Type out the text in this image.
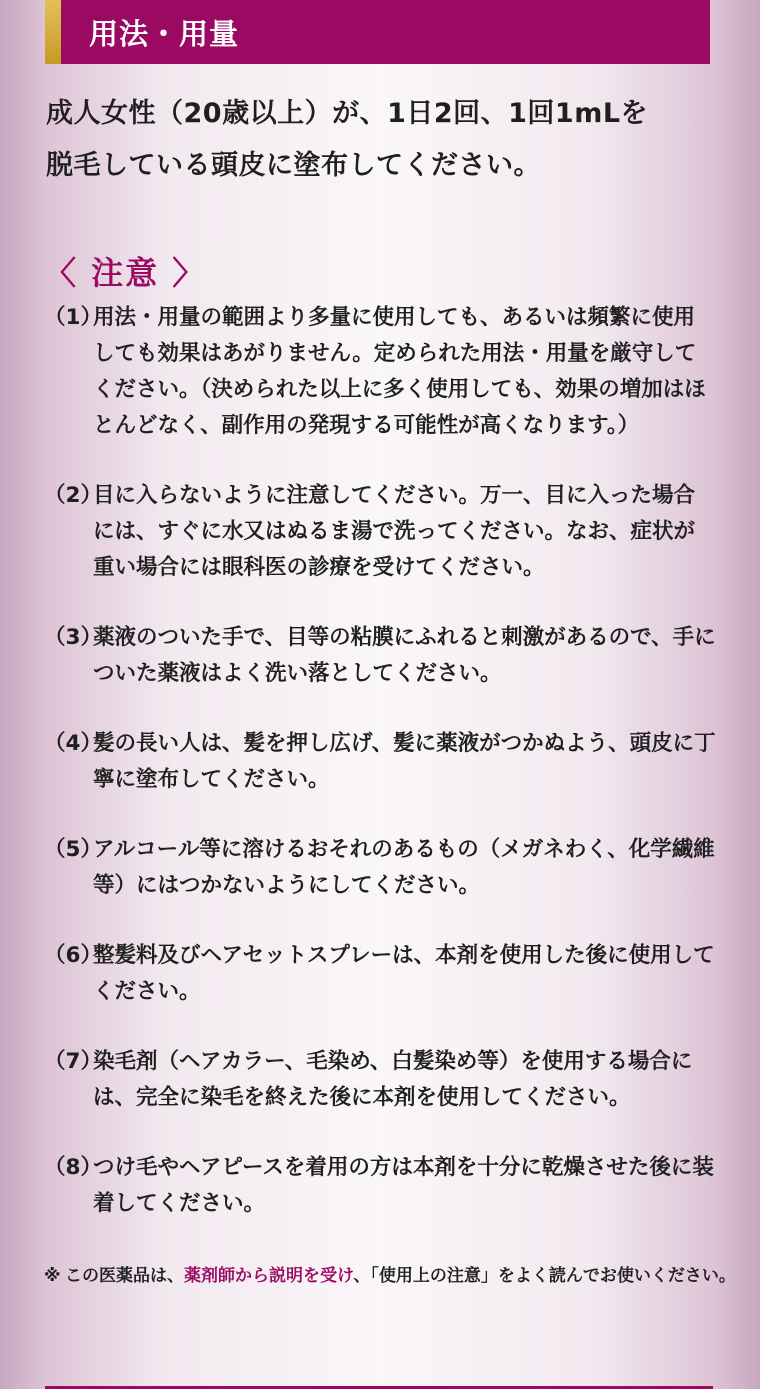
用法・用量
成人女性（20歳以上）が、1日2回、1回1mLを
脱毛している頭皮に塗布してください。
〈 注意 〉
（1）
用法・用量の範囲より多量に使用しても、あるいは頻繁に使用しても効果はあがりません。定められた用法・用量を厳守してください。（決められた以上に多く使用しても、効果の増加はほとんどなく、副作用の発現する可能性が高くなります。）
（2）
目に入らないように注意してください。万一、目に入った場合には、すぐに水又はぬるま湯で洗ってください。なお、症状が重い場合には眼科医の診療を受けてください。
（3）
薬液のついた手で、目等の粘膜にふれると刺激があるので、手についた薬液はよく洗い落としてください。
（4）
髪の長い人は、髪を押し広げ、髪に薬液がつかぬよう、頭皮に丁寧に塗布してください。
（5）
アルコール等に溶けるおそれのあるもの（メガネわく、化学繊維等）にはつかないようにしてください。
（6）
整髪料及びヘアセットスプレーは、本剤を使用した後に使用してください。
（7）
染毛剤（ヘアカラー、毛染め、白髪染め等）を使用する場合には、完全に染毛を終えた後に本剤を使用してください。
（8）
つけ毛やヘアピースを着用の方は本剤を十分に乾燥させた後に装着してください。
※ この医薬品は、薬剤師から説明を受け、「使用上の注意」をよく読んでお使いください。
